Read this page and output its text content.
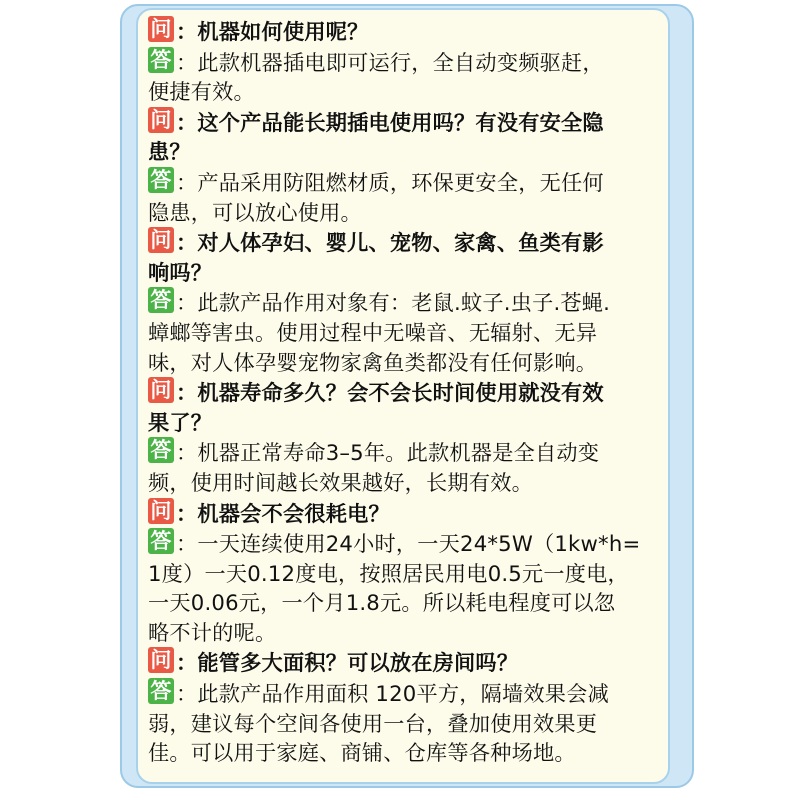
问 ：机器如何使用呢？
答 ：此款机器插电即可运行，全自动变频驱赶，
便捷有效。
问 ：这个产品能长期插电使用吗？有没有安全隐
患？
答 ：产品采用防阻燃材质，环保更安全，无任何
隐患，可以放心使用。
问 ：对人体孕妇、婴儿、宠物、家禽、鱼类有影
响吗？
答 ：此款产品作用对象有：老鼠.蚊子.虫子.苍蝇.
蟑螂等害虫。使用过程中无噪音、无辐射、无异
味，对人体孕婴宠物家禽鱼类都没有任何影响。
问 ：机器寿命多久？会不会长时间使用就没有效
果了？
答 ：机器正常寿命3–5年。此款机器是全自动变
频，使用时间越长效果越好，长期有效。
问 ：机器会不会很耗电？
答 ：一天连续使用24小时，一天24*5W（1kw*h=
1度）一天0.12度电，按照居民用电0.5元一度电，
一天0.06元，一个月1.8元。所以耗电程度可以忽
略不计的呢。
问 ：能管多大面积？可以放在房间吗？
答 ：此款产品作用面积 120平方，隔墙效果会减
弱，建议每个空间各使用一台，叠加使用效果更
佳。可以用于家庭、商铺、仓库等各种场地。
